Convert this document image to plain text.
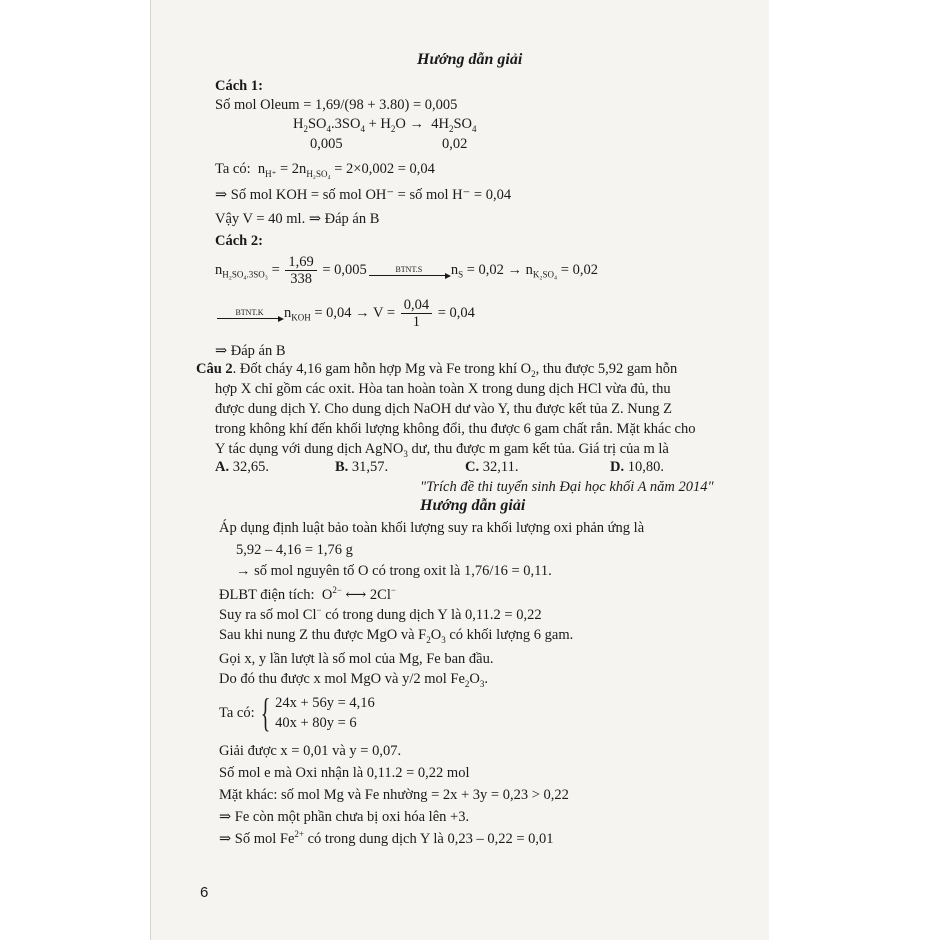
Hướng dẫn giải
Cách 1:
Số mol Oleum = 1,69/(98 + 3.80) = 0,005
$H_2SO_4.3SO_4 + H_2O \to 4H_2SO_4$
0,005	0,02
Ta có:  $n_{H^+} = 2n_{H_2SO_4} = 2\times 0,002 = 0,04$
⇒ Số mol KOH = số mol OH⁻ = số mol H⁻ = 0,04
Vậy V = 40 ml. ⇒ Đáp án B
Cách 2:
$n_{H_2SO_4.3SO_3} = \frac{1,69}{338} = 0,005$	BTNT.S $n_S = 0,02 \to n_{K_2SO_4} = 0,02$
BTNT.K $n_{KOH} = 0,04 \to V = \frac{0,04}{1} = 0,04$
⇒ Đáp án B
Câu 2. Đốt cháy 4,16 gam hỗn hợp Mg và Fe trong khí $O_2$, thu được 5,92 gam hỗn
hợp X chỉ gồm các oxit. Hòa tan hoàn toàn X trong dung dịch HCl vừa đủ, thu
được dung dịch Y. Cho dung dịch NaOH dư vào Y, thu được kết tủa Z. Nung Z
trong không khí đến khối lượng không đổi, thu được 6 gam chất rắn. Mặt khác cho
Y tác dụng với dung dịch AgNO$_3$ dư, thu được m gam kết tủa. Giá trị của m là
A. 32,65.	B. 31,57.	C. 32,11.	D. 10,80.
"Trích đề thi tuyển sinh Đại học khối A năm 2014"
Hướng dẫn giải
Áp dụng định luật bảo toàn khối lượng suy ra khối lượng oxi phản ứng là
5,92 – 4,16 = 1,76 g
→ số mol nguyên tố O có trong oxit là 1,76/16 = 0,11.
ĐLBT điện tích:  $O^{2-}$ ⟷ 2Cl−
Suy ra số mol Cl− có trong dung dịch Y là 0,11.2 = 0,22
Sau khi nung Z thu được MgO và $F_2O_3$ có khối lượng 6 gam.
Gọi x, y lần lượt là số mol của Mg, Fe ban đầu.
Do đó thu được x mol MgO và y/2 mol $Fe_2O_3$.
Ta có: { 24x + 56y = 4,16
40x + 80y = 6
Giải được x = 0,01 và y = 0,07.
Số mol e mà Oxi nhận là 0,11.2 = 0,22 mol
Mặt khác: số mol Mg và Fe nhường = 2x + 3y = 0,23 > 0,22
⇒ Fe còn một phần chưa bị oxi hóa lên +3.
⇒ Số mol $Fe^{2+}$ có trong dung dịch Y là 0,23 – 0,22 = 0,01
6
